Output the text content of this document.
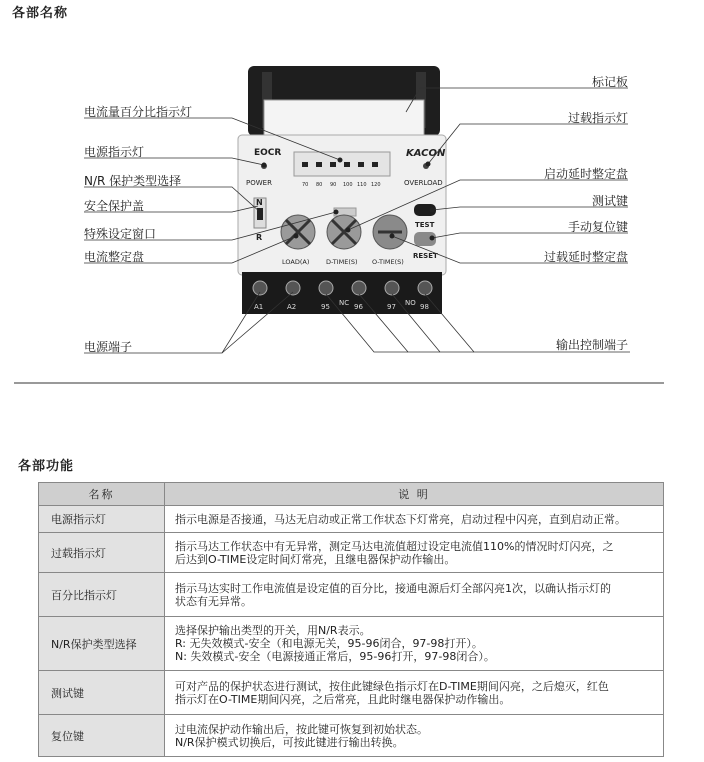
各部名称
EOCR	KACON
POWER	OVERLOAD
70 80 90 100 110 120
N
R
LOAD(A)	D-TIME(S) O-TIME(S)
TEST
RESET
A1	A2	95 NC 96	97 NO 98
电流量百分比指示灯
电源指示灯
N/R 保护类型选择
安全保护盖
特殊设定窗口
电流整定盘
电源端子
标记板
过载指示灯
启动延时整定盘
测试键
手动复位键
过载延时整定盘
输出控制端子
各部功能
名称	说 明
电源指示灯	指示电源是否接通，马达无启动或正常工作状态下灯常亮，启动过程中闪亮，直到启动正常。

过载指示灯	指示马达工作状态中有无异常，测定马达电流值超过设定电流值110%的情况时灯闪亮，之
后达到O-TIME设定时间灯常亮，且继电器保护动作输出。

百分比指示灯	指示马达实时工作电流值是设定值的百分比，接通电源后灯全部闪亮1次，以确认指示灯的
状态有无异常。

N/R保护类型选择	选择保护输出类型的开关，用N/R表示。
R: 无失效模式-安全（和电源无关，95-96闭合，97-98打开）。
N: 失效模式-安全（电源接通正常后，95-96打开，97-98闭合）。

测试键	可对产品的保护状态进行测试，按住此键绿色指示灯在D-TIME期间闪亮，之后熄灭，红色
指示灯在O-TIME期间闪亮，之后常亮，且此时继电器保护动作输出。

复位键	过电流保护动作输出后，按此键可恢复到初始状态。
N/R保护模式切换后，可按此键进行输出转换。
